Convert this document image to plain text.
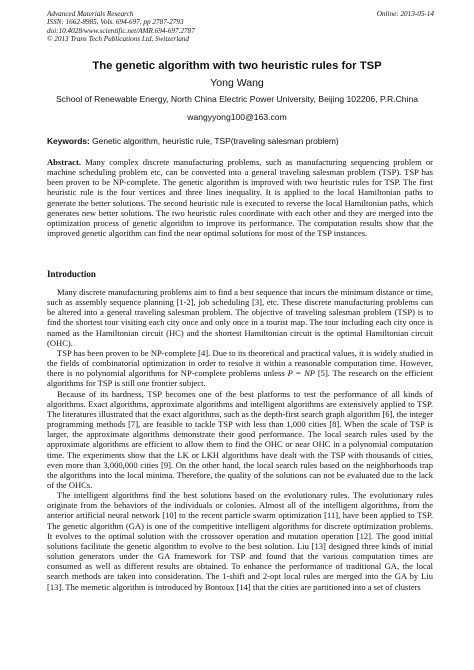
Advanced Materials Research
ISSN: 1662-8985, Vols. 694-697, pp 2787-2793
doi:10.4028/www.scientific.net/AMR.694-697.2787
© 2013 Trans Tech Publications Ltd, Switzerland
Online: 2013-05-14
The genetic algorithm with two heuristic rules for TSP
Yong Wang
School of Renewable Energy, North China Electric Power University, Beijing 102206, P.R.China
wangyyong100@163.com
Keywords: Genetic algorithm, heuristic rule, TSP(traveling salesman problem)
Abstract. Many complex discrete manufacturing problems, such as manufacturing sequencing problem or machine scheduling problem etc, can be converted into a general traveling salesman problem (TSP). TSP has been proven to be NP-complete. The genetic algorithm is improved with two heuristic rules for TSP. The first heuristic rule is the four vertices and three lines inequality. It is applied to the local Hamiltonian paths to generate the better solutions. The second heuristic rule is executed to reverse the local Hamiltonian paths, which generates new better solutions. The two heuristic rules coordinate with each other and they are merged into the optimization process of genetic algorithm to improve its performance. The computation results show that the improved genetic algorithm can find the near optimal solutions for most of the TSP instances.
Introduction

Many discrete manufacturing problems aim to find a best sequence that incurs the minimum distance or time, such as assembly sequence planning [1-2], job scheduling [3], etc. These discrete manufacturing problems can be altered into a general traveling salesman problem. The objective of traveling salesman problem (TSP) is to find the shortest tour visiting each city once and only once in a tourist map. The tour including each city once is named as the Hamiltonian circuit (HC) and the shortest Hamiltonian circuit is the optimal Hamiltonian circuit (OHC).

TSP has been proven to be NP-complete [4]. Due to its theoretical and practical values, it is widely studied in the fields of combinatorial optimization in order to resolve it within a reasonable computation time. However, there is no polynomial algorithms for NP-complete problems unless P = NP [5]. The research on the efficient algorithms for TSP is still one frontier subject.

Because of its hardness, TSP becomes one of the best platforms to test the performance of all kinds of algorithms. Exact algorithms, approximate algorithms and intelligent algorithms are extensively applied to TSP. The literatures illustrated that the exact algorithms, such as the depth-first search graph algorithm [6], the integer programming methods [7], are feasible to tackle TSP with less than 1,000 cities [8]. When the scale of TSP is larger, the approximate algorithms demonstrate their good performance. The local search rules used by the approximate algorithms are efficient to allow them to find the OHC or near OHC in a polynomial computation time. The experiments show that the LK or LKH algorithms have dealt with the TSP with thousands of cities, even more than 3,000,000 cities [9]. On the other hand, the local search rules based on the neighborhoods trap the algorithms into the local minima. Therefore, the quality of the solutions can not be evaluated due to the lack of the OHCs.

The intelligent algorithms find the best solutions based on the evolutionary rules. The evolutionary rules originate from the behaviors of the individuals or colonies. Almost all of the intelligent algorithms, from the anterior artificial neural network [10] to the recent particle swarm optimization [11], have been applied to TSP. The genetic algorithm (GA) is one of the competitive intelligent algorithms for discrete optimization problems. It evolves to the optimal solution with the crossover operation and mutation operation [12]. The good initial solutions facilitate the genetic algorithm to evolve to the best solution. Liu [13] designed three kinds of initial solution generators under the GA framework for TSP and found that the various computation times are consumed as well as different results are obtained. To enhance the performance of traditional GA, the local search methods are taken into consideration. The 1-shift and 2-opt local rules are merged into the GA by Liu [13]. The memetic algorithm is introduced by Bontoux [14] that the cities are partitioned into a set of clusters
